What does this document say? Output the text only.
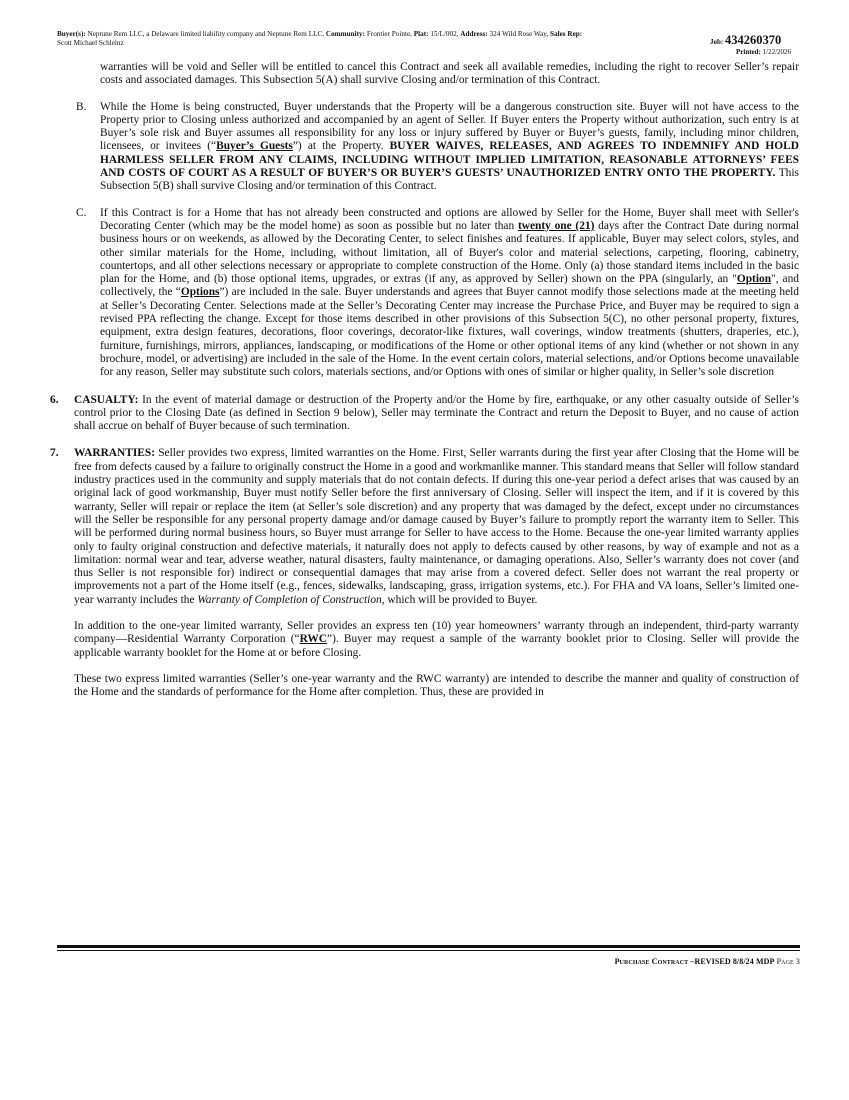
Buyer(s): Neptune Rem LLC, a Delaware limited liability company and Neptune Rem LLC, Community: Frontier Pointe, Plat: 15/L/002, Address: 324 Wild Rose Way, Sales Rep:
Scott Michael Schleinz	Job: 434260370
Printed: 1/22/2026

warranties will be void and Seller will be entitled to cancel this Contract and seek all available remedies, including the right to recover Seller’s repair costs and associated damages. This Subsection 5(A) shall survive Closing and/or termination of this Contract.

B. While the Home is being constructed, Buyer understands that the Property will be a dangerous construction site. Buyer will not have access to the Property prior to Closing unless authorized and accompanied by an agent of Seller. If Buyer enters the Property without authorization, such entry is at Buyer’s sole risk and Buyer assumes all responsibility for any loss or injury suffered by Buyer or Buyer’s guests, family, including minor children, licensees, or invitees (“Buyer’s Guests”) at the Property. BUYER WAIVES, RELEASES, AND AGREES TO INDEMNIFY AND HOLD HARMLESS SELLER FROM ANY CLAIMS, INCLUDING WITHOUT IMPLIED LIMITATION, REASONABLE ATTORNEYS’ FEES AND COSTS OF COURT AS A RESULT OF BUYER’S OR BUYER’S GUESTS’ UNAUTHORIZED ENTRY ONTO THE PROPERTY. This Subsection 5(B) shall survive Closing and/or termination of this Contract.

C. If this Contract is for a Home that has not already been constructed and options are allowed by Seller for the Home, Buyer shall meet with Seller's Decorating Center (which may be the model home) as soon as possible but no later than twenty one (21) days after the Contract Date during normal business hours or on weekends, as allowed by the Decorating Center, to select finishes and features. If applicable, Buyer may select colors, styles, and other similar materials for the Home, including, without limitation, all of Buyer's color and material selections, carpeting, flooring, cabinetry, countertops, and all other selections necessary or appropriate to complete construction of the Home. Only (a) those standard items included in the basic plan for the Home, and (b) those optional items, upgrades, or extras (if any, as approved by Seller) shown on the PPA (singularly, an "Option", and collectively, the “Options”) are included in the sale. Buyer understands and agrees that Buyer cannot modify those selections made at the meeting held at Seller’s Decorating Center. Selections made at the Seller’s Decorating Center may increase the Purchase Price, and Buyer may be required to sign a revised PPA reflecting the change. Except for those items described in other provisions of this Subsection 5(C), no other personal property, fixtures, equipment, extra design features, decorations, floor coverings, decorator-like fixtures, wall coverings, window treatments (shutters, draperies, etc.), furniture, furnishings, mirrors, appliances, landscaping, or modifications of the Home or other optional items of any kind (whether or not shown in any brochure, model, or advertising) are included in the sale of the Home. In the event certain colors, material selections, and/or Options become unavailable for any reason, Seller may substitute such colors, materials sections, and/or Options with ones of similar or higher quality, in Seller’s sole discretion

6. CASUALTY: In the event of material damage or destruction of the Property and/or the Home by fire, earthquake, or any other casualty outside of Seller’s control prior to the Closing Date (as defined in Section 9 below), Seller may terminate the Contract and return the Deposit to Buyer, and no cause of action shall accrue on behalf of Buyer because of such termination.

7. WARRANTIES: Seller provides two express, limited warranties on the Home. First, Seller warrants during the first year after Closing that the Home will be free from defects caused by a failure to originally construct the Home in a good and workmanlike manner. This standard means that Seller will follow standard industry practices used in the community and supply materials that do not contain defects. If during this one-year period a defect arises that was caused by an original lack of good workmanship, Buyer must notify Seller before the first anniversary of Closing. Seller will inspect the item, and if it is covered by this warranty, Seller will repair or replace the item (at Seller’s sole discretion) and any property that was damaged by the defect, except under no circumstances will the Seller be responsible for any personal property damage and/or damage caused by Buyer’s failure to promptly report the warranty item to Seller. This will be performed during normal business hours, so Buyer must arrange for Seller to have access to the Home. Because the one-year limited warranty applies only to faulty original construction and defective materials, it naturally does not apply to defects caused by other reasons, by way of example and not as a limitation: normal wear and tear, adverse weather, natural disasters, faulty maintenance, or damaging operations. Also, Seller’s warranty does not cover (and thus Seller is not responsible for) indirect or consequential damages that may arise from a covered defect. Seller does not warrant the real property or improvements not a part of the Home itself (e.g., fences, sidewalks, landscaping, grass, irrigation systems, etc.). For FHA and VA loans, Seller’s limited one-year warranty includes the Warranty of Completion of Construction, which will be provided to Buyer.

In addition to the one-year limited warranty, Seller provides an express ten (10) year homeowners’ warranty through an independent, third-party warranty company—Residential Warranty Corporation (“RWC”). Buyer may request a sample of the warranty booklet prior to Closing. Seller will provide the applicable warranty booklet for the Home at or before Closing.

These two express limited warranties (Seller’s one-year warranty and the RWC warranty) are intended to describe the manner and quality of construction of the Home and the standards of performance for the Home after completion. Thus, these are provided in

Purchase Contract –REVISED 8/8/24 MDP Page 3
